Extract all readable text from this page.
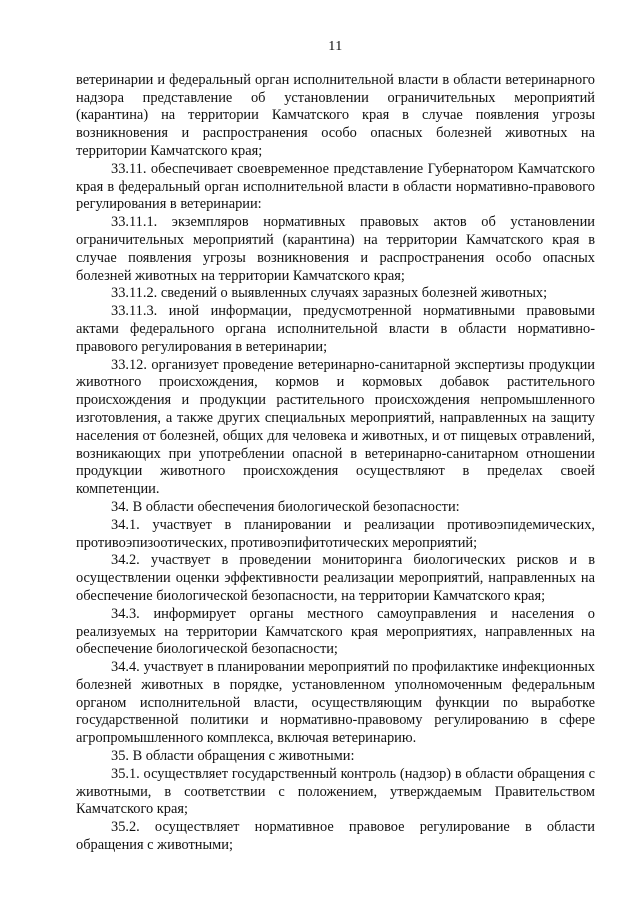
11

ветеринарии и федеральный орган исполнительной власти в области ветеринарного надзора представление об установлении ограничительных мероприятий (карантина) на территории Камчатского края в случае появления угрозы возникновения и распространения особо опасных болезней животных на территории Камчатского края;

33.11. обеспечивает своевременное представление Губернатором Камчатского края в федеральный орган исполнительной власти в области нормативно-правового регулирования в ветеринарии:

33.11.1. экземпляров нормативных правовых актов об установлении ограничительных мероприятий (карантина) на территории Камчатского края в случае появления угрозы возникновения и распространения особо опасных болезней животных на территории Камчатского края;

33.11.2. сведений о выявленных случаях заразных болезней животных;

33.11.3. иной информации, предусмотренной нормативными правовыми актами федерального органа исполнительной власти в области нормативно-правового регулирования в ветеринарии;

33.12. организует проведение ветеринарно-санитарной экспертизы продукции животного происхождения, кормов и кормовых добавок растительного происхождения и продукции растительного происхождения непромышленного изготовления, а также других специальных мероприятий, направленных на защиту населения от болезней, общих для человека и животных, и от пищевых отравлений, возникающих при употреблении опасной в ветеринарно-санитарном отношении продукции животного происхождения осуществляют в пределах своей компетенции.

34. В области обеспечения биологической безопасности:

34.1. участвует в планировании и реализации противоэпидемических, противоэпизоотических, противоэпифитотических мероприятий;

34.2. участвует в проведении мониторинга биологических рисков и в осуществлении оценки эффективности реализации мероприятий, направленных на обеспечение биологической безопасности, на территории Камчатского края;

34.3. информирует органы местного самоуправления и населения о реализуемых на территории Камчатского края мероприятиях, направленных на обеспечение биологической безопасности;

34.4. участвует в планировании мероприятий по профилактике инфекционных болезней животных в порядке, установленном уполномоченным федеральным органом исполнительной власти, осуществляющим функции по выработке государственной политики и нормативно-правовому регулированию в сфере агропромышленного комплекса, включая ветеринарию.

35. В области обращения с животными:

35.1. осуществляет государственный контроль (надзор) в области обращения с животными, в соответствии с положением, утверждаемым Правительством Камчатского края;

35.2. осуществляет нормативное правовое регулирование в области обращения с животными;
